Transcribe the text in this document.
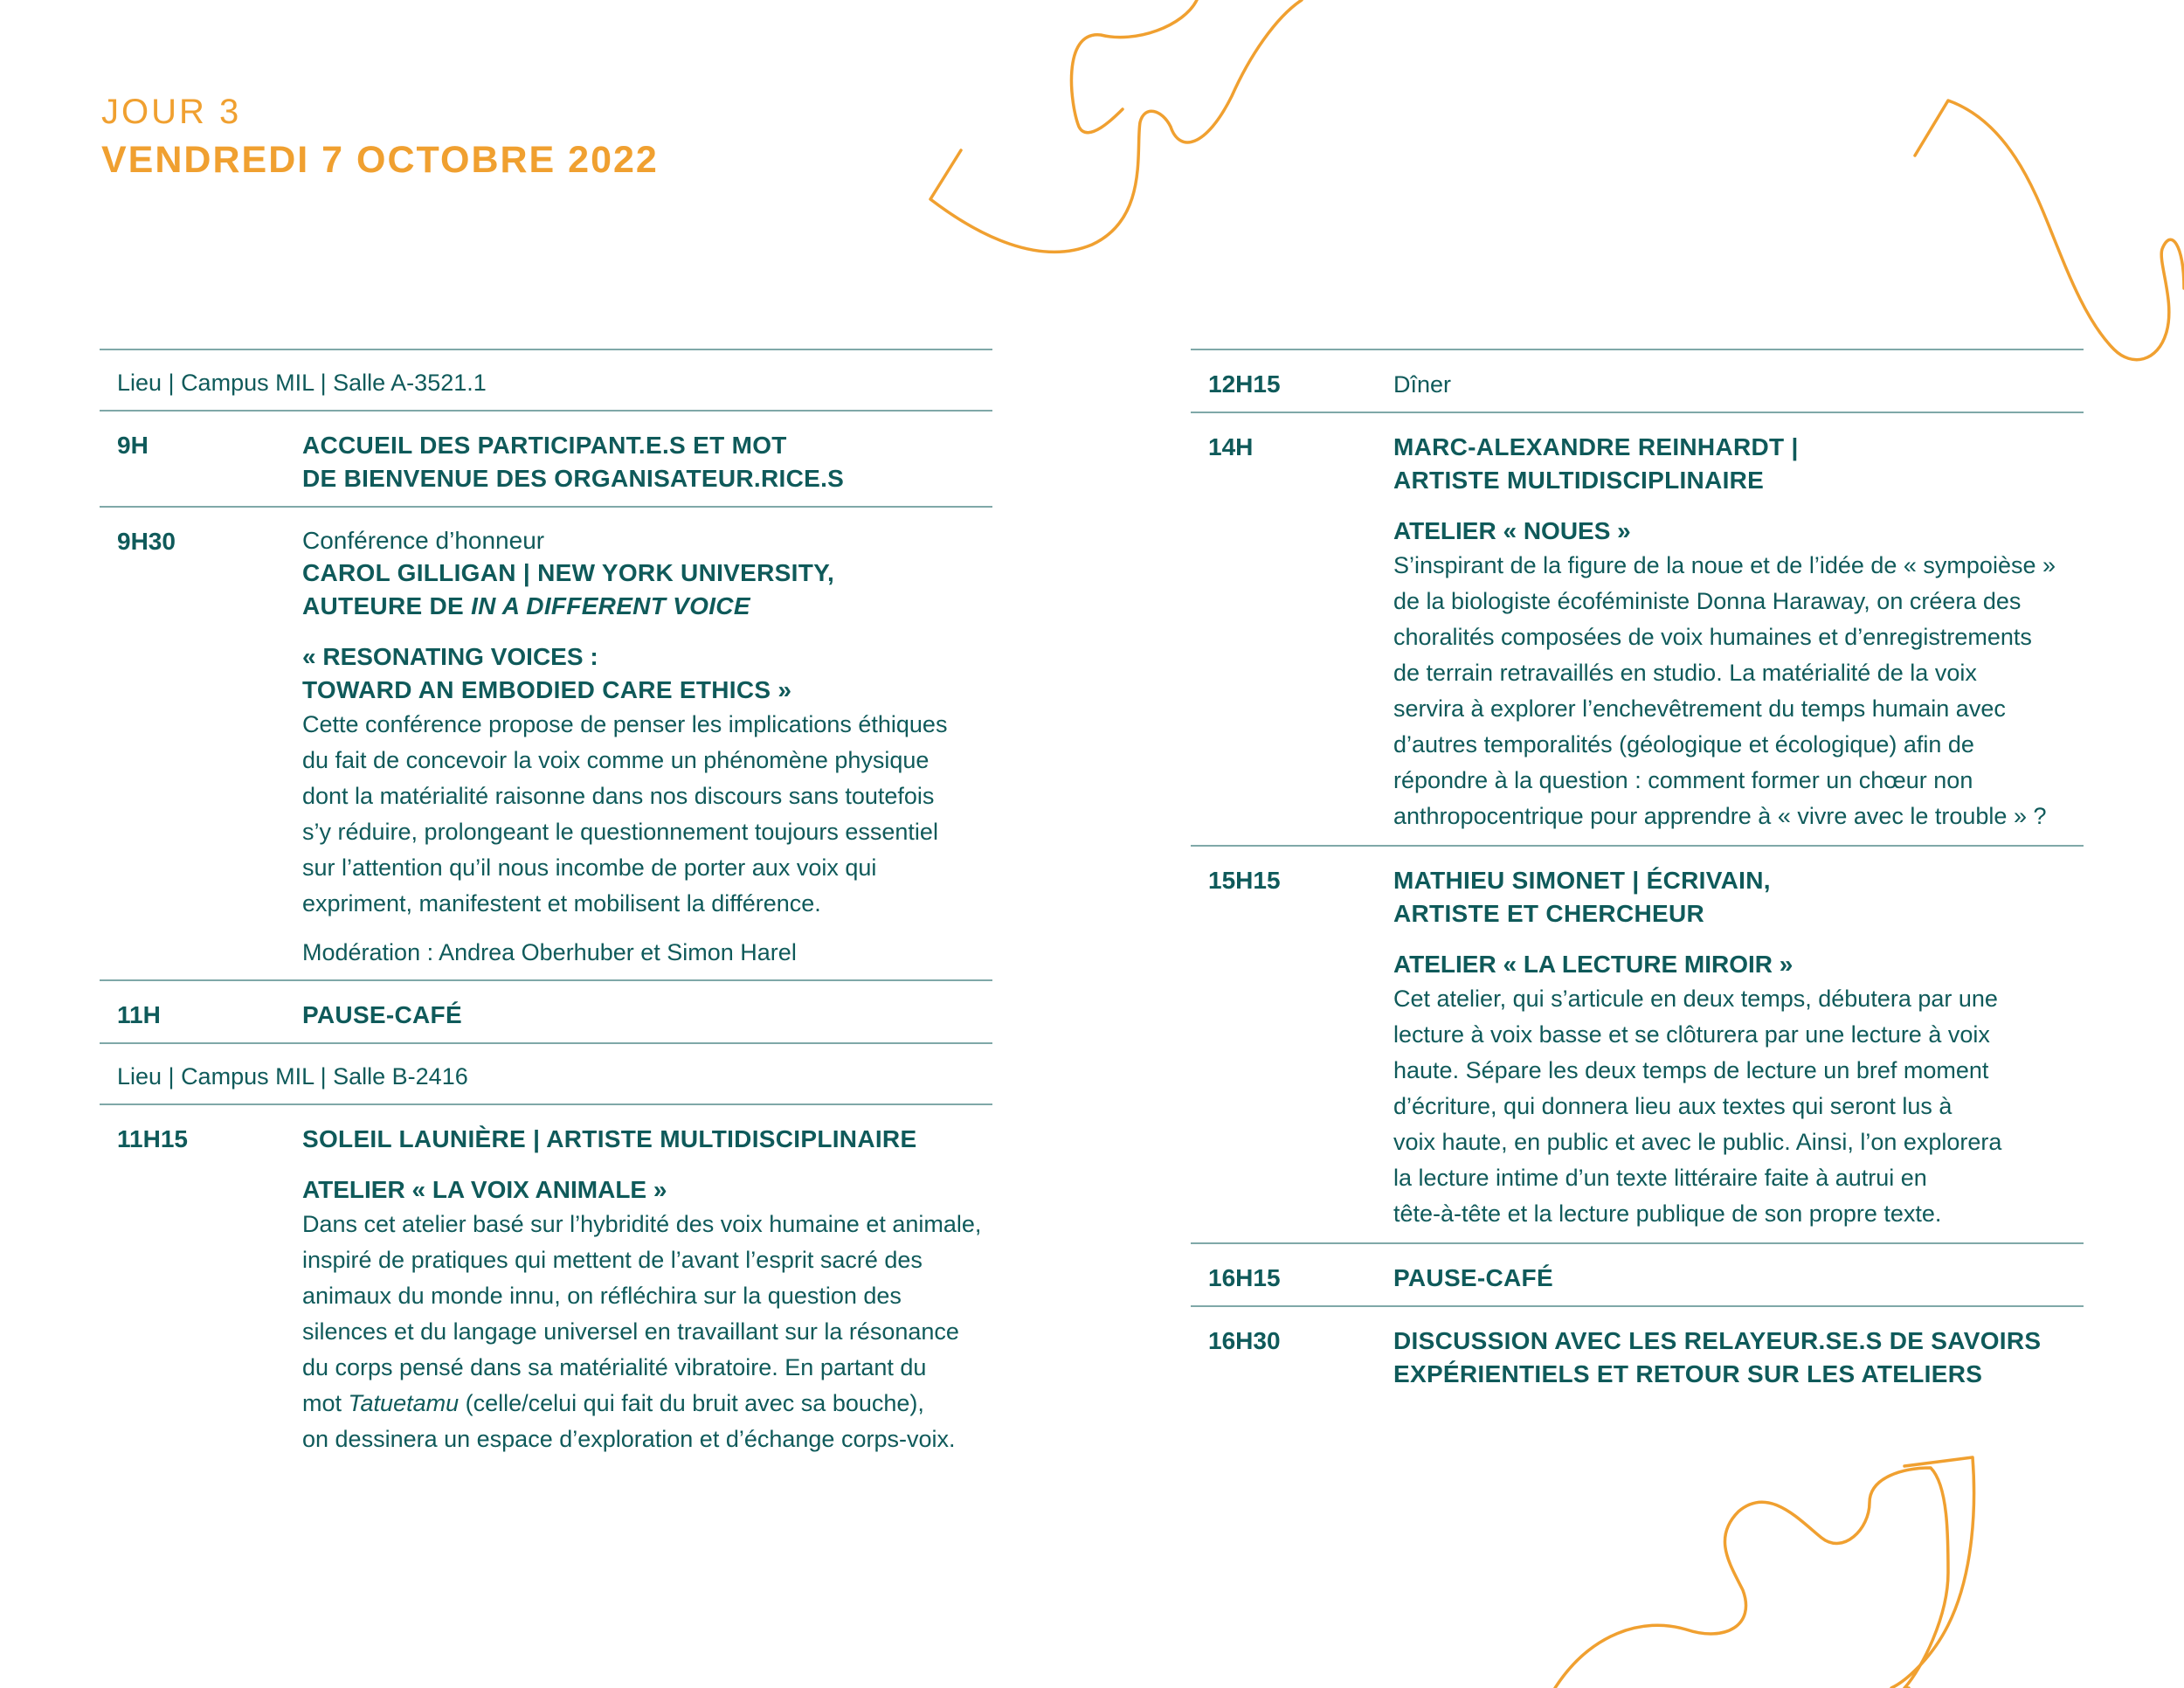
JOUR 3
VENDREDI 7 OCTOBRE 2022
Lieu | Campus MIL | Salle A-3521.1
9H	ACCUEIL DES PARTICIPANT.E.S ET MOT
DE BIENVENUE DES ORGANISATEUR.RICE.S
9H30	Conférence d’honneur
CAROL GILLIGAN | NEW YORK UNIVERSITY,
AUTEURE DE IN A DIFFERENT VOICE
« RESONATING VOICES :
TOWARD AN EMBODIED CARE ETHICS »
Cette conférence propose de penser les implications éthiques
du fait de concevoir la voix comme un phénomène physique
dont la matérialité raisonne dans nos discours sans toutefois
s’y réduire, prolongeant le questionnement toujours essentiel
sur l’attention qu’il nous incombe de porter aux voix qui
expriment, manifestent et mobilisent la différence.
Modération : Andrea Oberhuber et Simon Harel
11H	PAUSE-CAFÉ
Lieu | Campus MIL | Salle B-2416
11H15	SOLEIL LAUNIÈRE | ARTISTE MULTIDISCIPLINAIRE
ATELIER « LA VOIX ANIMALE »
Dans cet atelier basé sur l’hybridité des voix humaine et animale,
inspiré de pratiques qui mettent de l’avant l’esprit sacré des
animaux du monde innu, on réfléchira sur la question des
silences et du langage universel en travaillant sur la résonance
du corps pensé dans sa matérialité vibratoire. En partant du
mot Tatuetamu (celle/celui qui fait du bruit avec sa bouche),
on dessinera un espace d’exploration et d’échange corps-voix.
12H15	Dîner
14H	MARC-ALEXANDRE REINHARDT |
ARTISTE MULTIDISCIPLINAIRE
ATELIER « NOUES »
S’inspirant de la figure de la noue et de l’idée de « sympoièse »
de la biologiste écoféministe Donna Haraway, on créera des
choralités composées de voix humaines et d’enregistrements
de terrain retravaillés en studio. La matérialité de la voix
servira à explorer l’enchevêtrement du temps humain avec
d’autres temporalités (géologique et écologique) afin de
répondre à la question : comment former un chœur non
anthropocentrique pour apprendre à « vivre avec le trouble » ?
15H15	MATHIEU SIMONET | ÉCRIVAIN,
ARTISTE ET CHERCHEUR
ATELIER « LA LECTURE MIROIR »
Cet atelier, qui s’articule en deux temps, débutera par une
lecture à voix basse et se clôturera par une lecture à voix
haute. Sépare les deux temps de lecture un bref moment
d’écriture, qui donnera lieu aux textes qui seront lus à
voix haute, en public et avec le public. Ainsi, l’on explorera
la lecture intime d’un texte littéraire faite à autrui en
tête-à-tête et la lecture publique de son propre texte.
16H15	PAUSE-CAFÉ
16H30	DISCUSSION AVEC LES RELAYEUR.SE.S DE SAVOIRS
EXPÉRIENTIELS ET RETOUR SUR LES ATELIERS
